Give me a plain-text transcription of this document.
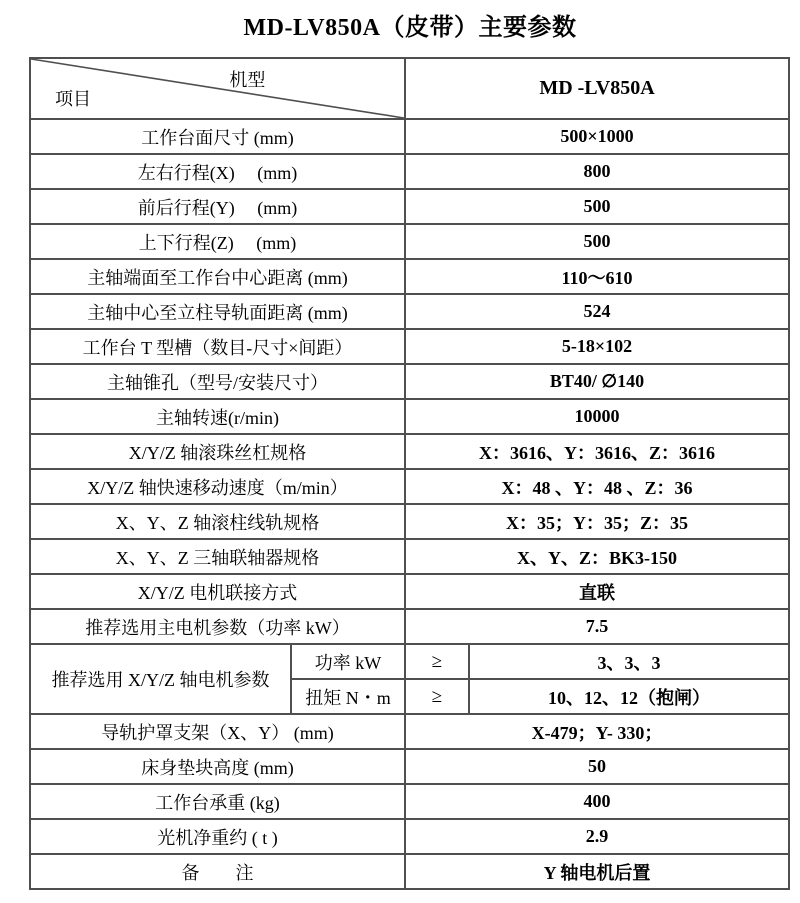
MD-LV850A（皮带）主要参数
机型
项目		MD -LV850A	
工作台面尺寸 (mm)		500×1000	
左右行程(X)　 (mm)		800	
前后行程(Y)　 (mm)		500	
上下行程(Z)　 (mm)		500	
主轴端面至工作台中心距离 (mm)		110～610	
主轴中心至立柱导轨面距离 (mm)		524	
工作台 T 型槽（数目-尺寸×间距）		5-18×102	
主轴锥孔（型号/安装尺寸）		BT40/ ∅140	
主轴转速(r/min)		10000	
X/Y/Z 轴滚珠丝杠规格		X：3616、Y：3616、Z：3616	
X/Y/Z 轴快速移动速度（m/min）		X：48 、Y：48 、Z：36	
X、Y、Z 轴滚柱线轨规格		X：35；Y：35；Z：35	
X、Y、Z 三轴联轴器规格		X、Y、Z：BK3-150	
X/Y/Z 电机联接方式		直联	
推荐选用主电机参数（功率 kW）		7.5	
推荐选用 X/Y/Z 轴电机参数	功率 kW	≥	3、3、3
	扭矩 N・m	≥	10、12、12（抱闸）
导轨护罩支架（X、Y） (mm)		X-479；Y- 330；	
床身垫块高度 (mm)		50	
工作台承重 (kg)		400	
光机净重约 ( t )		2.9	
备　　注		Y 轴电机后置	
